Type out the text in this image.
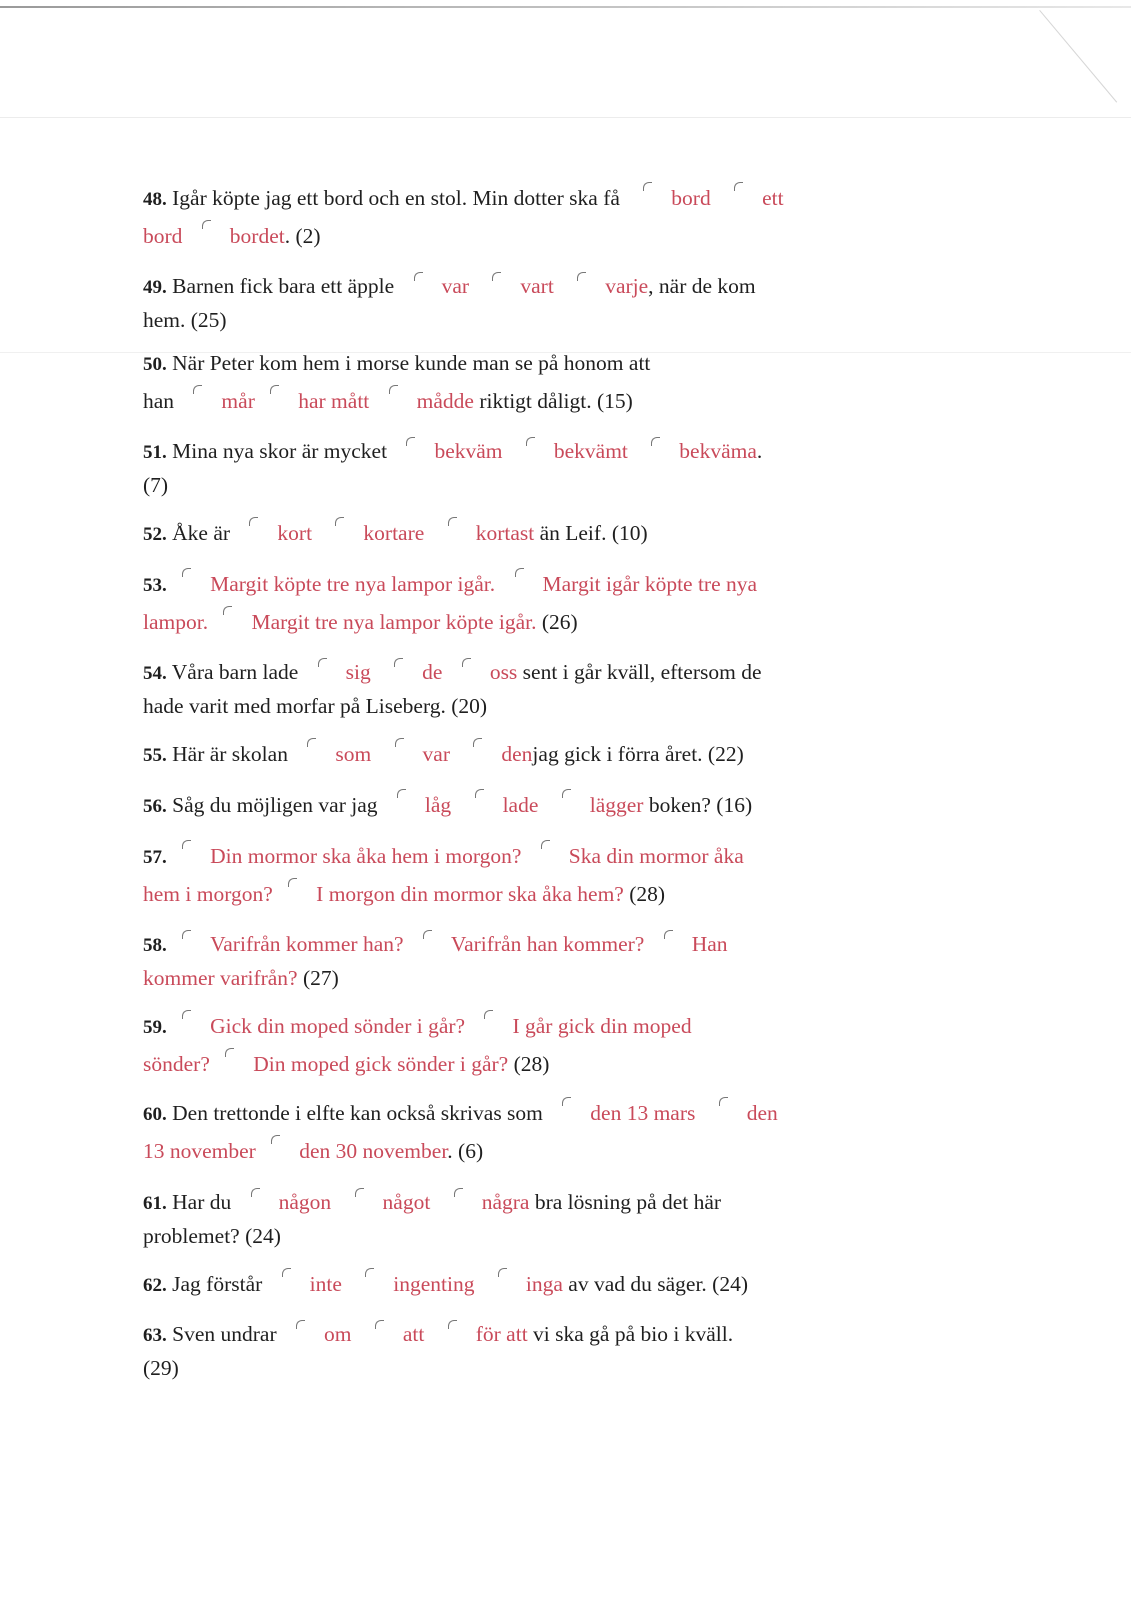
48. Igår köpte jag ett bord och en stol. Min dotter ska få bord ett
bord bordet. (2)
49. Barnen fick bara ett äpple var vart varje, när de kom
hem. (25)
50. När Peter kom hem i morse kunde man se på honom att
han mår har mått mådde riktigt dåligt. (15)
51. Mina nya skor är mycket bekväm bekvämt bekväma.
(7)
52. Åke är kort kortare kortast än Leif. (10)
53. Margit köpte tre nya lampor igår. Margit igår köpte tre nya
lampor. Margit tre nya lampor köpte igår. (26)
54. Våra barn lade sig de oss sent i går kväll, eftersom de
hade varit med morfar på Liseberg. (20)
55. Här är skolan som var denjag gick i förra året. (22)
56. Såg du möjligen var jag låg lade lägger boken? (16)
57. Din mormor ska åka hem i morgon? Ska din mormor åka
hem i morgon? I morgon din mormor ska åka hem? (28)
58. Varifrån kommer han? Varifrån han kommer? Han
kommer varifrån? (27)
59. Gick din moped sönder i går? I går gick din moped
sönder? Din moped gick sönder i går? (28)
60. Den trettonde i elfte kan också skrivas som den 13 mars den
13 november den 30 november. (6)
61. Har du någon något några bra lösning på det här
problemet? (24)
62. Jag förstår inte ingenting inga av vad du säger. (24)
63. Sven undrar om att för att vi ska gå på bio i kväll.
(29)
